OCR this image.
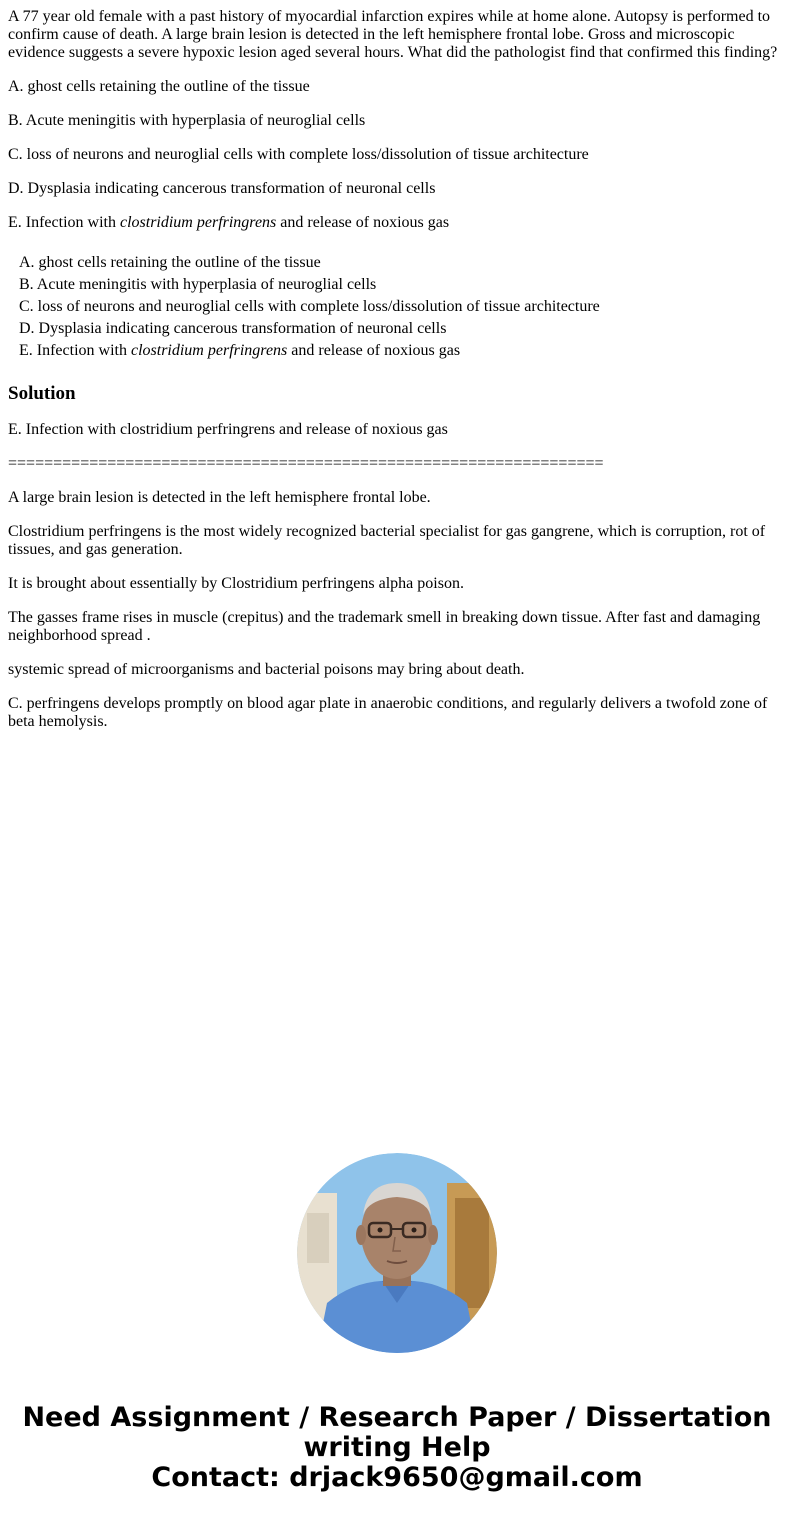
A 77 year old female with a past history of myocardial infarction expires while at home alone. Autopsy is performed to confirm cause of death. A large brain lesion is detected in the left hemisphere frontal lobe. Gross and microscopic evidence suggests a severe hypoxic lesion aged several hours. What did the pathologist find that confirmed this finding?

A. ghost cells retaining the outline of the tissue

B. Acute meningitis with hyperplasia of neuroglial cells

C. loss of neurons and neuroglial cells with complete loss/dissolution of tissue architecture

D. Dysplasia indicating cancerous transformation of neuronal cells

E. Infection with clostridium perfringrens and release of noxious gas

A. ghost cells retaining the outline of the tissue
B. Acute meningitis with hyperplasia of neuroglial cells
C. loss of neurons and neuroglial cells with complete loss/dissolution of tissue architecture
D. Dysplasia indicating cancerous transformation of neuronal cells
E. Infection with clostridium perfringrens and release of noxious gas
Solution

E. Infection with clostridium perfringrens and release of noxious gas

==================================================================

A large brain lesion is detected in the left hemisphere frontal lobe.

Clostridium perfringens is the most widely recognized bacterial specialist for gas gangrene, which is corruption, rot of tissues, and gas generation.

It is brought about essentially by Clostridium perfringens alpha poison.

The gasses frame rises in muscle (crepitus) and the trademark smell in breaking down tissue. After fast and damaging neighborhood spread .

systemic spread of microorganisms and bacterial poisons may bring about death.

C. perfringens develops promptly on blood agar plate in anaerobic conditions, and regularly delivers a twofold zone of beta hemolysis.

Need Assignment / Research Paper / Dissertation
writing Help
Contact: drjack9650@gmail.com
